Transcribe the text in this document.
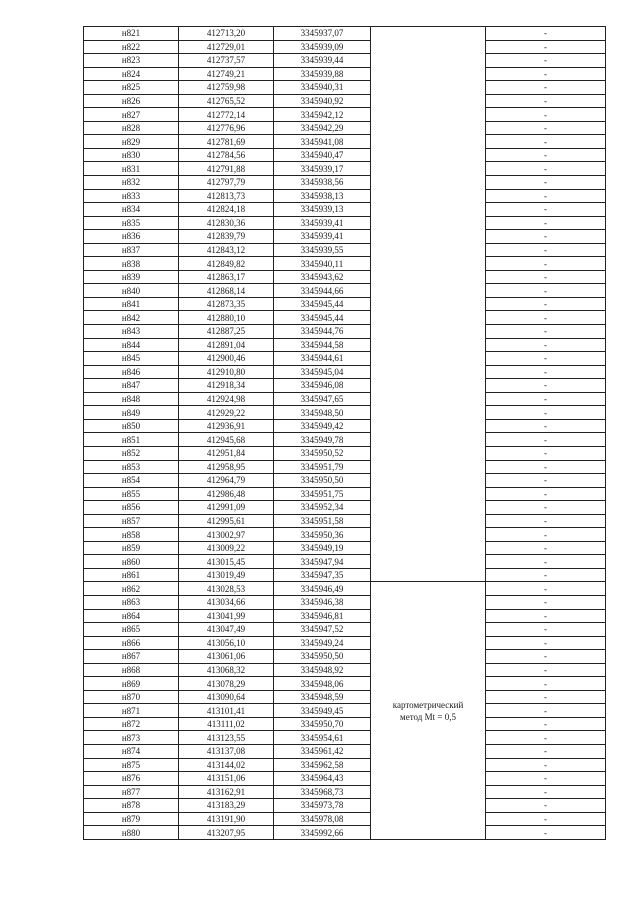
н821	412713,20	3345937,07		-
н822	412729,01	3345939,09		-
н823	412737,57	3345939,44		-
н824	412749,21	3345939,88		-
н825	412759,98	3345940,31		-
н826	412765,52	3345940,92		-
н827	412772,14	3345942,12		-
н828	412776,96	3345942,29		-
н829	412781,69	3345941,08		-
н830	412784,56	3345940,47		-
н831	412791,88	3345939,17		-
н832	412797,79	3345938,56		-
н833	412813,73	3345938,13		-
н834	412824,18	3345939,13		-
н835	412830,36	3345939,41		-
н836	412839,79	3345939,41		-
н837	412843,12	3345939,55		-
н838	412849,82	3345940,11		-
н839	412863,17	3345943,62		-
н840	412868,14	3345944,66		-
н841	412873,35	3345945,44		-
н842	412880,10	3345945,44		-
н843	412887,25	3345944,76		-
н844	412891,04	3345944,58		-
н845	412900,46	3345944,61		-
н846	412910,80	3345945,04		-
н847	412918,34	3345946,08		-
н848	412924,98	3345947,65		-
н849	412929,22	3345948,50		-
н850	412936,91	3345949,42		-
н851	412945,68	3345949,78		-
н852	412951,84	3345950,52		-
н853	412958,95	3345951,79		-
н854	412964,79	3345950,50		-
н855	412986,48	3345951,75		-
н856	412991,09	3345952,34		-
н857	412995,61	3345951,58		-
н858	413002,97	3345950,36		-
н859	413009,22	3345949,19		-
н860	413015,45	3345947,94		-
н861	413019,49	3345947,35		-
н862	413028,53	3345946,49	картометрический
метод Mt = 0,5	-
н863	413034,66	3345946,38		-
н864	413041,99	3345946,81		-
н865	413047,49	3345947,52		-
н866	413056,10	3345949,24		-
н867	413061,06	3345950,50		-
н868	413068,32	3345948,92		-
н869	413078,29	3345948,06		-
н870	413090,64	3345948,59		-
н871	413101,41	3345949,45		-
н872	413111,02	3345950,70		-
н873	413123,55	3345954,61		-
н874	413137,08	3345961,42		-
н875	413144,02	3345962,58		-
н876	413151,06	3345964,43		-
н877	413162,91	3345968,73		-
н878	413183,29	3345973,78		-
н879	413191,90	3345978,08		-
н880	413207,95	3345992,66		-
